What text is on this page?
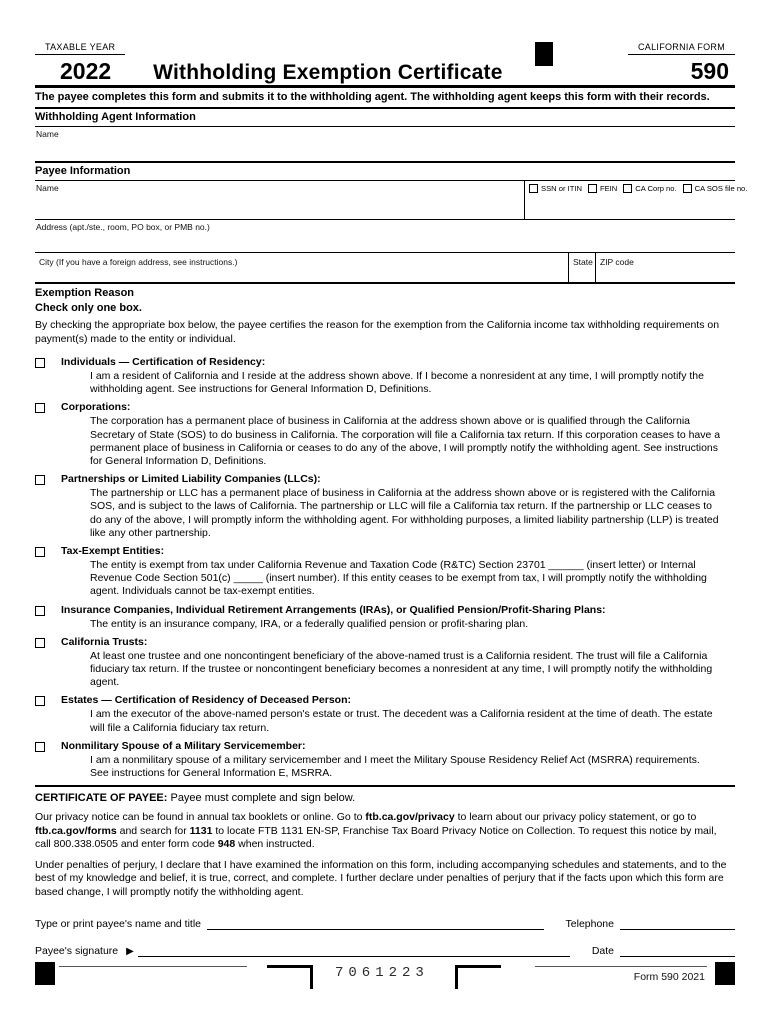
TAXABLE YEAR	CALIFORNIA FORM
2022 Withholding Exemption Certificate	590
The payee completes this form and submits it to the withholding agent. The withholding agent keeps this form with their records.
Withholding Agent Information
Name
Payee Information
Name	SSN or ITIN FEIN CA Corp no. CA SOS file no.
Address (apt./ste., room, PO box, or PMB no.)
City (If you have a foreign address, see instructions.)	State ZIP code
Exemption Reason
Check only one box.
By checking the appropriate box below, the payee certifies the reason for the exemption from the California income tax withholding requirements on payment(s) made to the entity or individual.
Individuals — Certification of Residency:
I am a resident of California and I reside at the address shown above. If I become a nonresident at any time, I will promptly notify the withholding agent. See instructions for General Information D, Definitions.
Corporations:
The corporation has a permanent place of business in California at the address shown above or is qualified through the California Secretary of State (SOS) to do business in California. The corporation will file a California tax return. If this corporation ceases to have a permanent place of business in California or ceases to do any of the above, I will promptly notify the withholding agent. See instructions for General Information D, Definitions.
Partnerships or Limited Liability Companies (LLCs):
The partnership or LLC has a permanent place of business in California at the address shown above or is registered with the California SOS, and is subject to the laws of California. The partnership or LLC will file a California tax return. If the partnership or LLC ceases to do any of the above, I will promptly inform the withholding agent. For withholding purposes, a limited liability partnership (LLP) is treated like any other partnership.
Tax-Exempt Entities:
The entity is exempt from tax under California Revenue and Taxation Code (R&TC) Section 23701 ______ (insert letter) or Internal Revenue Code Section 501(c) _____ (insert number). If this entity ceases to be exempt from tax, I will promptly notify the withholding agent. Individuals cannot be tax-exempt entities.
Insurance Companies, Individual Retirement Arrangements (IRAs), or Qualified Pension/Profit-Sharing Plans:
The entity is an insurance company, IRA, or a federally qualified pension or profit-sharing plan.
California Trusts:
At least one trustee and one noncontingent beneficiary of the above-named trust is a California resident. The trust will file a California fiduciary tax return. If the trustee or noncontingent beneficiary becomes a nonresident at any time, I will promptly notify the withholding agent.
Estates — Certification of Residency of Deceased Person:
I am the executor of the above-named person's estate or trust. The decedent was a California resident at the time of death. The estate will file a California fiduciary tax return.
Nonmilitary Spouse of a Military Servicemember:
I am a nonmilitary spouse of a military servicemember and I meet the Military Spouse Residency Relief Act (MSRRA) requirements. See instructions for General Information E, MSRRA.
CERTIFICATE OF PAYEE: Payee must complete and sign below.
Our privacy notice can be found in annual tax booklets or online. Go to ftb.ca.gov/privacy to learn about our privacy policy statement, or go to ftb.ca.gov/forms and search for 1131 to locate FTB 1131 EN-SP, Franchise Tax Board Privacy Notice on Collection. To request this notice by mail, call 800.338.0505 and enter form code 948 when instructed.
Under penalties of perjury, I declare that I have examined the information on this form, including accompanying schedules and statements, and to the best of my knowledge and belief, it is true, correct, and complete. I further declare under penalties of perjury that if the facts upon which this form are based change, I will promptly notify the withholding agent.
Type or print payee's name and title	Telephone
Payee's signature ▶	Date
7061223	Form 590 2021
